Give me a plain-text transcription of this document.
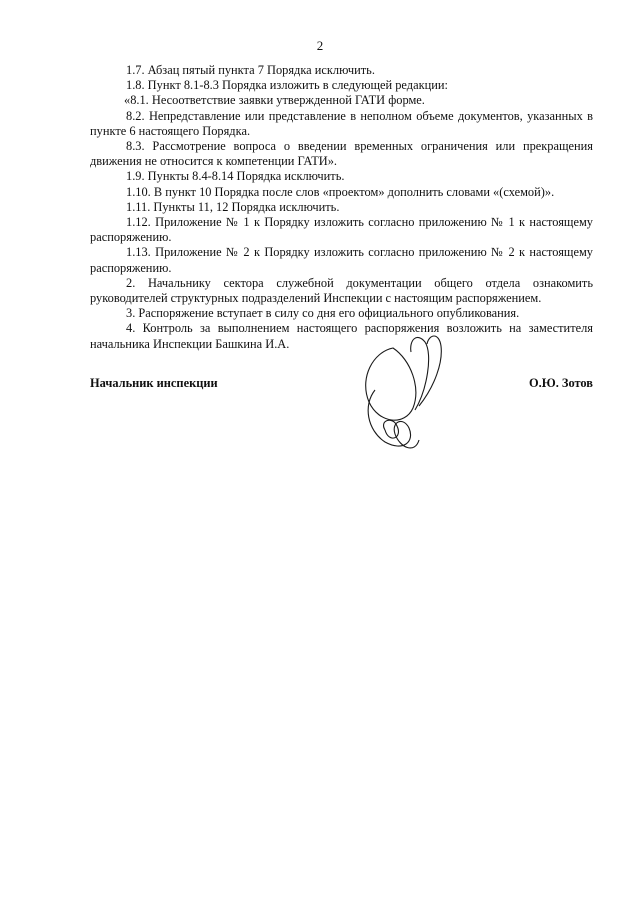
2

1.7. Абзац пятый пункта 7 Порядка исключить.

1.8. Пункт 8.1-8.3 Порядка изложить в следующей редакции:

«8.1. Несоответствие заявки утвержденной ГАТИ форме.

8.2. Непредставление или представление в неполном объеме документов, указанных в пункте 6 настоящего Порядка.

8.3. Рассмотрение вопроса о введении временных ограничения или прекращения движения не относится к компетенции ГАТИ».

1.9. Пункты 8.4-8.14 Порядка исключить.

1.10. В пункт 10 Порядка после слов «проектом» дополнить словами «(схемой)».

1.11. Пункты 11, 12 Порядка исключить.

1.12. Приложение № 1 к Порядку изложить согласно приложению № 1 к настоящему распоряжению.

1.13. Приложение № 2 к Порядку изложить согласно приложению № 2 к настоящему распоряжению.

2. Начальнику сектора служебной документации общего отдела ознакомить руководителей структурных подразделений Инспекции с настоящим распоряжением.

3. Распоряжение вступает в силу со дня его официального опубликования.

4. Контроль за выполнением настоящего распоряжения возложить на заместителя начальника Инспекции Башкина И.А.

Начальник инспекции	О.Ю. Зотов
